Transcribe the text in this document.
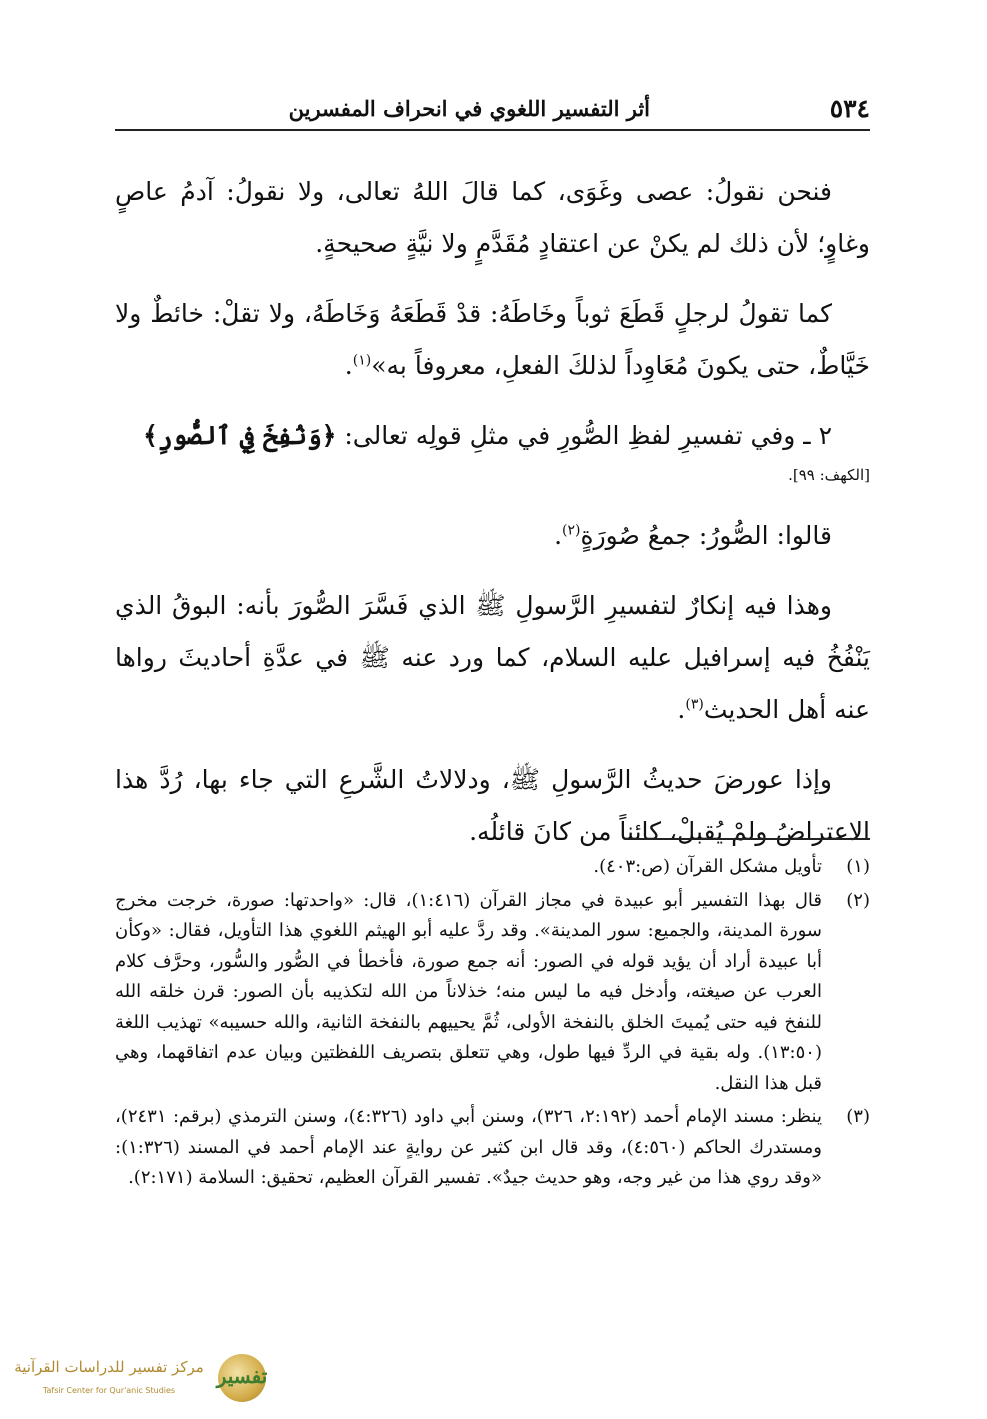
٥٣٤
أثر التفسير اللغوي في انحراف المفسرين

فنحن نقولُ: عصى وغَوَى، كما قالَ اللهُ تعالى، ولا نقولُ: آدمُ عاصٍ وغاوٍ؛ لأن ذلك لم يكنْ عن اعتقادٍ مُقَدَّمٍ ولا نيَّةٍ صحيحةٍ.

كما تقولُ لرجلٍ قَطَعَ ثوباً وخَاطَهُ: قدْ قَطَعَهُ وَخَاطَهُ، ولا تقلْ: خائطٌ ولا خَيَّاطٌ، حتى يكونَ مُعَاوِداً لذلكَ الفعلِ، معروفاً به»$^{(١)}$.

٢ ـ وفي تفسيرِ لفظِ الصُّورِ في مثلِ قولِه تعالى: ﴿وَنُفِخَ فِي ٱلصُّورِ﴾

[الكهف: ٩٩].

قالوا: الصُّورُ: جمعُ صُورَةٍ$^{(٢)}$.

وهذا فيه إنكارٌ لتفسيرِ الرَّسولِ ﷺ الذي فَسَّرَ الصُّورَ بأنه: البوقُ الذي يَنْفُخُ فيه إسرافيل عليه السلام، كما ورد عنه ﷺ في عدَّةِ أحاديثَ رواها عنه أهل الحديث$^{(٣)}$.

وإذا عورضَ حديثُ الرَّسولِ ﷺ، ودلالاتُ الشَّرعِ التي جاء بها، رُدَّ هذا الاعتراضُ ولمْ يُقبلْ، كائناً من كانَ قائلُه.

(١)
تأويل مشكل القرآن (ص:٤٠٣).
(٢)
قال بهذا التفسير أبو عبيدة في مجاز القرآن (١:٤١٦)، قال: «واحدتها: صورة، خرجت مخرج سورة المدينة، والجميع: سور المدينة». وقد ردَّ عليه أبو الهيثم اللغوي هذا التأويل، فقال: «وكأن أبا عبيدة أراد أن يؤيد قوله في الصور: أنه جمع صورة، فأخطأ في الصُّور والسُّور، وحرَّف كلام العرب عن صيغته، وأدخل فيه ما ليس منه؛ خذلاناً من الله لتكذيبه بأن الصور: قرن خلقه الله للنفخ فيه حتى يُميتَ الخلق بالنفخة الأولى، ثُمَّ يحييهم بالنفخة الثانية، والله حسيبه» تهذيب اللغة (١٣:٥٠). وله بقية في الردِّ فيها طول، وهي تتعلق بتصريف اللفظتين وبيان عدم اتفاقهما، وهي قبل هذا النقل.
(٣)
ينظر: مسند الإمام أحمد (٢:١٩٢، ٣٢٦)، وسنن أبي داود (٤:٣٢٦)، وسنن الترمذي (برقم: ٢٤٣١)، ومستدرك الحاكم (٤:٥٦٠)، وقد قال ابن كثير عن روايةٍ عند الإمام أحمد في المسند (١:٣٢٦): «وقد روي هذا من غير وجه، وهو حديث جيدٌ». تفسير القرآن العظيم، تحقيق: السلامة (٢:١٧١).
تفسير
مركز تفسير للدراسات القرآنية
Tafsir Center for Qur'anic Studies
